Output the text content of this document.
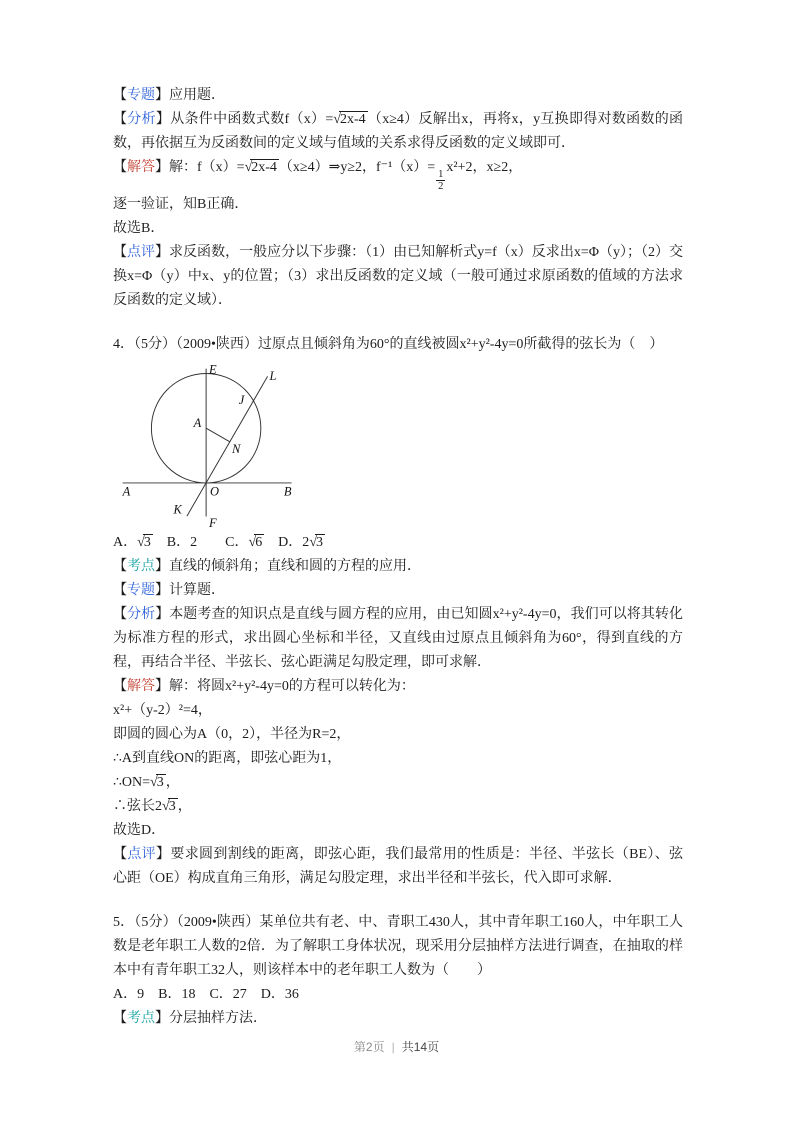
【专题】应用题．

【分析】从条件中函数式数f（x）=√2x-4 （x≥4）反解出x，再将x，y互换即得对数函数的函数，再依据互为反函数间的定义域与值域的关系求得反函数的定义域即可．

【解答】解：f（x）=√2x-4 （x≥4）⇒y≥2，f⁻¹（x）=
$\frac{1}{2}$
x²+2，x≥2，

逐一验证，知B正确．

故选B．

【点评】求反函数，一般应分以下步骤：（1）由已知解析式y=f（x）反求出x=Φ（y）；（2）交换x=Φ（y）中x、y的位置；（3）求出反函数的定义域（一般可通过求原函数的值域的方法求反函数的定义域）．

4．（5分）（2009•陕西）过原点且倾斜角为60°的直线被圆x²+y²-4y=0所截得的弦长为（　）

E	L
J
A
N
O	B
A
K
F

A．√3　B．2　　C．√6　D．2√3

【考点】直线的倾斜角；直线和圆的方程的应用．

【专题】计算题．

【分析】本题考查的知识点是直线与圆方程的应用，由已知圆x²+y²-4y=0，我们可以将其转化为标准方程的形式，求出圆心坐标和半径，又直线由过原点且倾斜角为60°，得到直线的方程，再结合半径、半弦长、弦心距满足勾股定理，即可求解．

【解答】解：将圆x²+y²-4y=0的方程可以转化为：

x²+（y-2）²=4，

即圆的圆心为A（0，2），半径为R=2，

∴A到直线ON的距离，即弦心距为1，

∴ON=√3 ，

∴弦长2√3 ，

故选D．

【点评】要求圆到割线的距离，即弦心距，我们最常用的性质是：半径、半弦长（BE）、弦心距（OE）构成直角三角形，满足勾股定理，求出半径和半弦长，代入即可求解．

5．（5分）（2009•陕西）某单位共有老、中、青职工430人，其中青年职工160人，中年职工人数是老年职工人数的2倍．为了解职工身体状况，现采用分层抽样方法进行调查，在抽取的样本中有青年职工32人，则该样本中的老年职工人数为（　　）

A．9　B．18　C．27　D．36

【考点】分层抽样方法．

第2页 | 共14页
